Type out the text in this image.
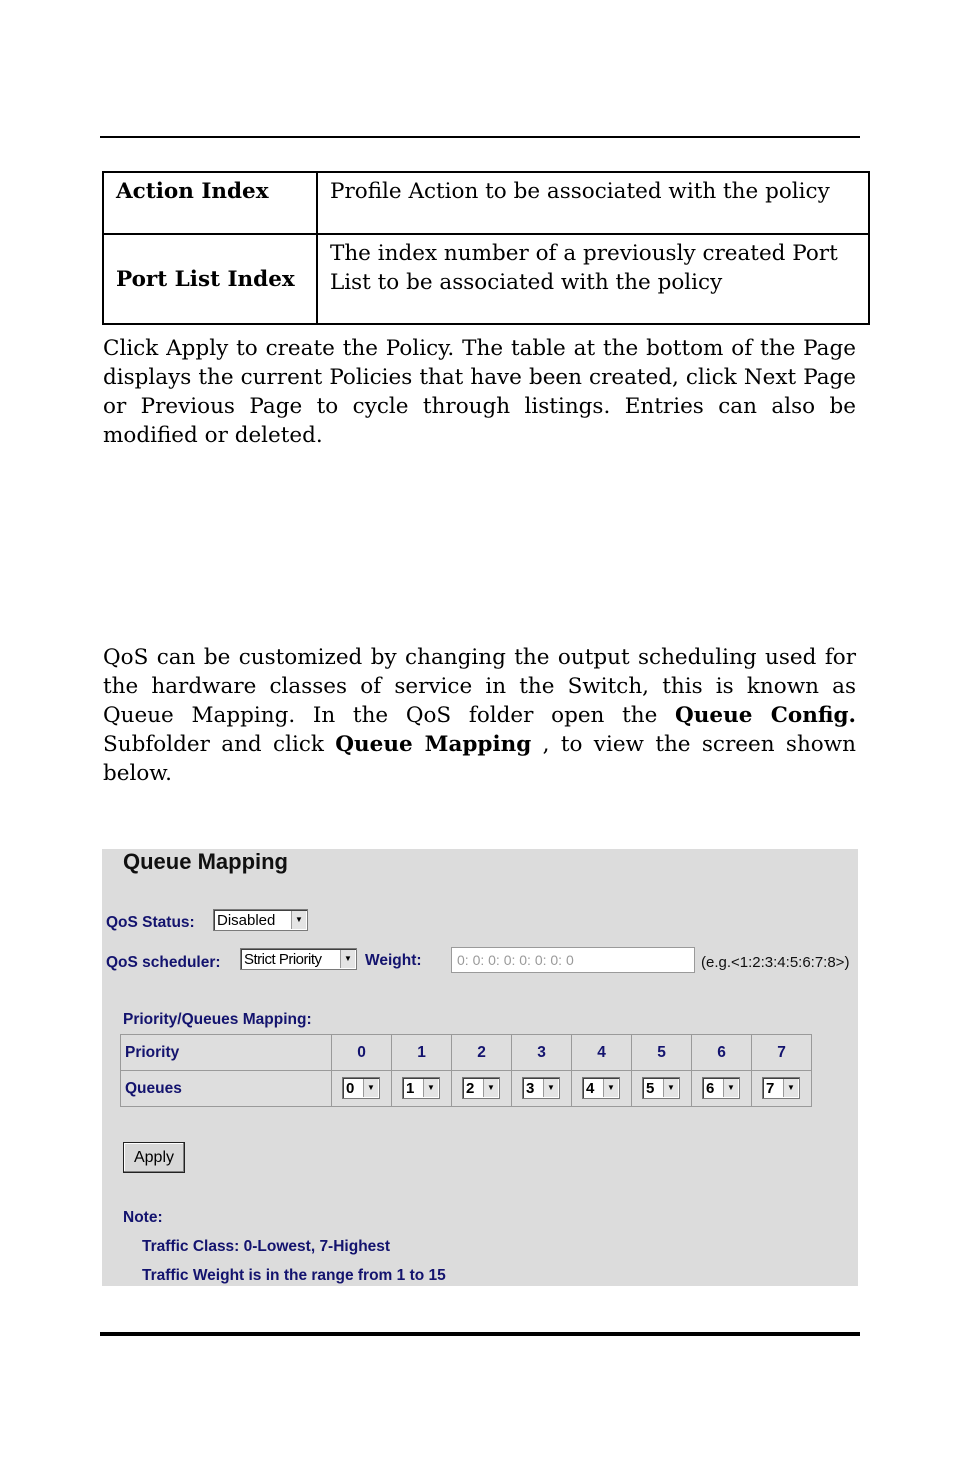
Action Index	Profile Action to be associated with the policy
Port List Index	The index number of a previously created Port List to be associated with the policy
Click Apply to create the Policy. The table at the bottom of the Page displays the current Policies that have been created, click Next Page or Previous Page to cycle through listings. Entries can also be modified or deleted.
QoS can be customized by changing the output scheduling used for the hardware classes of service in the Switch, this is known as Queue Mapping. In the QoS folder open the Queue Config. Subfolder and click Queue Mapping , to view the screen shown below.
Queue Mapping
QoS Status: Disabled	▼
QoS scheduler: Strict Priority	▼ Weight:	0: 0: 0: 0: 0: 0: 0: 0	(e.g.<1:2:3:4:5:6:7:8>)
Priority/Queues Mapping:
Priority	0	1	2	3	4	5	6	7
Queues	0 ▼	1 ▼	2 ▼	3 ▼	4 ▼	5 ▼	6 ▼	7 ▼
Apply
Note:
Traffic Class: 0-Lowest, 7-Highest
Traffic Weight is in the range from 1 to 15
